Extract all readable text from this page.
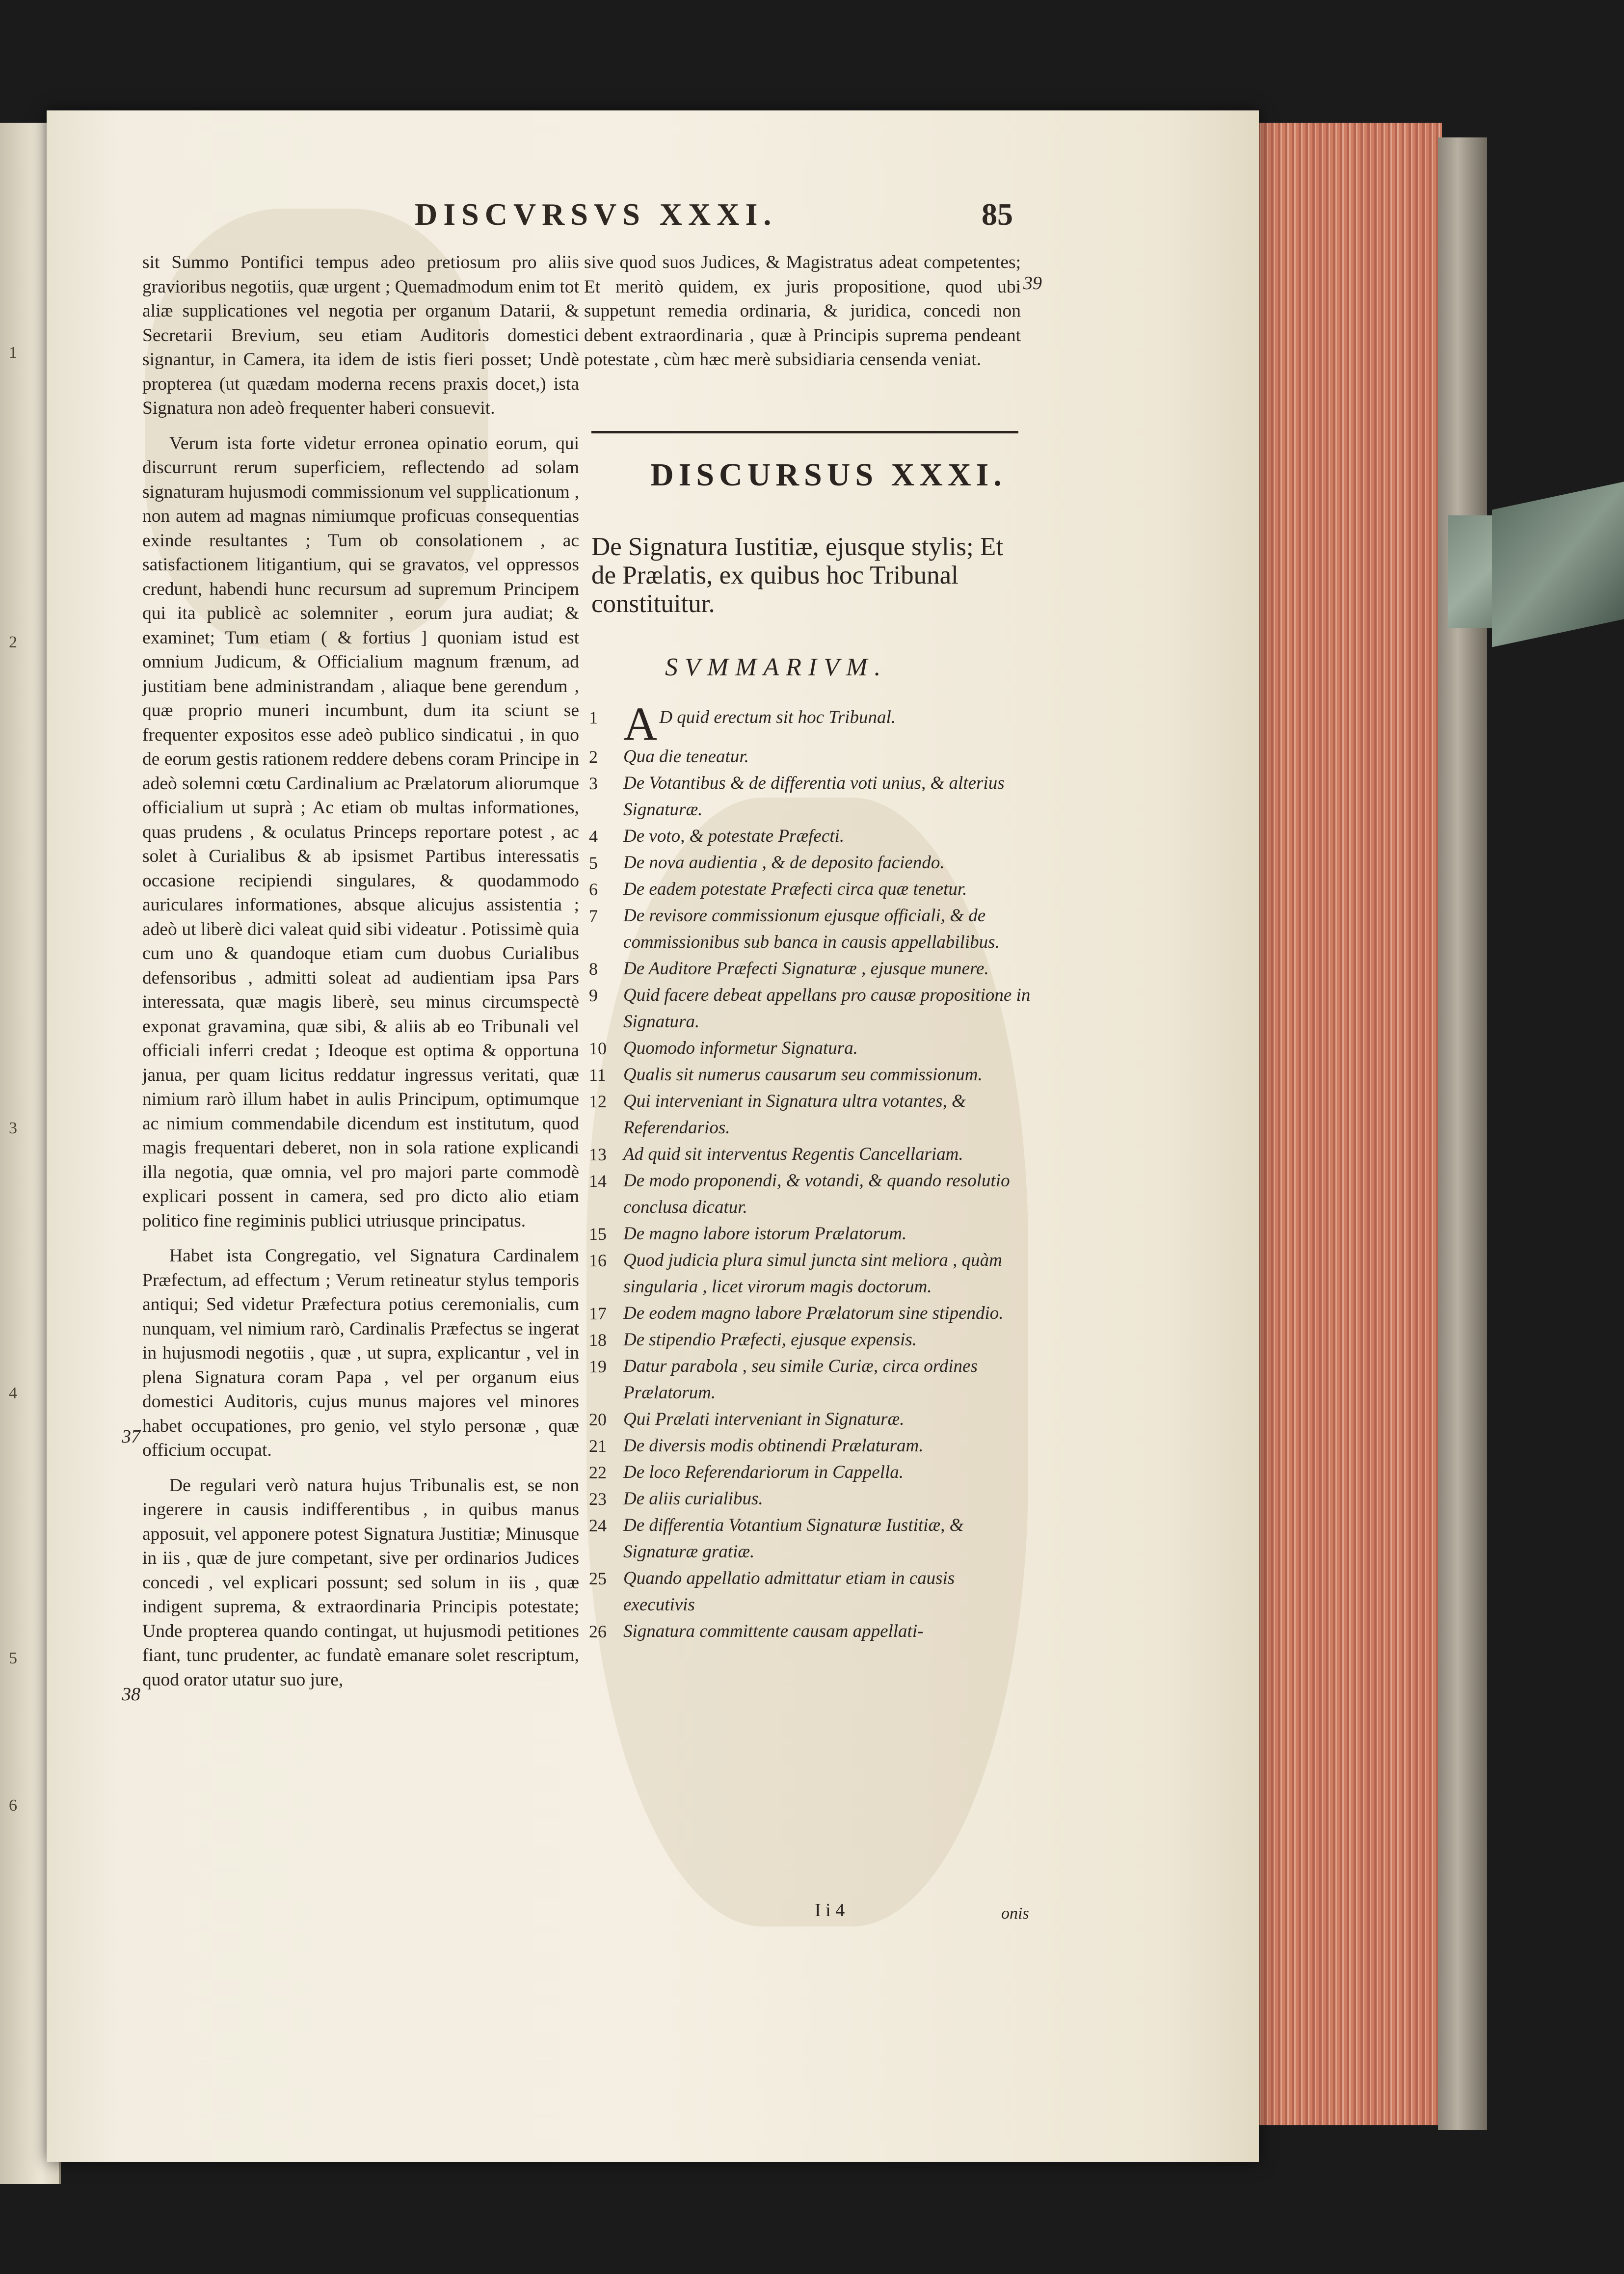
1
2
3
4
5
6
DISCVRSVS XXXI.	85

sit Summo Pontifici tempus adeo pretiosum pro aliis gravioribus negotiis, quæ urgent ; Quemadmodum enim tot aliæ supplicationes vel negotia per organum Datarii, & Secretarii Brevium, seu etiam Auditoris domestici signantur, in Camera, ita idem de istis fieri posset; Undè propterea (ut quædam moderna recens praxis docet,) ista Signatura non adeò frequenter haberi consuevit.

Verum ista forte videtur erronea opinatio eorum, qui discurrunt rerum superficiem, reflectendo ad solam signaturam hujusmodi commissionum vel supplicationum , non autem ad magnas nimiumque proficuas consequentias exinde resultantes ; Tum ob consolationem , ac satisfactionem litigantium, qui se gravatos, vel oppressos credunt, habendi hunc recursum ad supremum Principem qui ita publicè ac solemniter , eorum jura audiat; & examinet; Tum etiam ( & fortius ] quoniam istud est omnium Judicum, & Officialium magnum frænum, ad justitiam bene administrandam , aliaque bene gerendum , quæ proprio muneri incumbunt, dum ita sciunt se frequenter expositos esse adeò publico sindicatui , in quo de eorum gestis rationem reddere debens coram Principe in adeò solemni cœtu Cardinalium ac Prælatorum aliorumque officialium ut suprà ; Ac etiam ob multas informationes, quas prudens , & oculatus Princeps reportare potest , ac solet à Curialibus & ab ipsismet Partibus interessatis occasione recipiendi singulares, & quodammodo auriculares informationes, absque alicujus assistentia ; adeò ut liberè dici valeat quid sibi videatur . Potissimè quia cum uno & quandoque etiam cum duobus Curialibus defensoribus , admitti soleat ad audientiam ipsa Pars interessata, quæ magis liberè, seu minus circumspectè exponat gravamina, quæ sibi, & aliis ab eo Tribunali vel officiali inferri credat ; Ideoque est optima & opportuna janua, per quam licitus reddatur ingressus veritati, quæ nimium rarò illum habet in aulis Principum, optimumque ac nimium commendabile dicendum est institutum, quod magis frequentari deberet, non in sola ratione explicandi illa negotia, quæ omnia, vel pro majori parte commodè explicari possent in camera, sed pro dicto alio etiam politico fine regiminis publici utriusque principatus.

Habet ista Congregatio, vel Signatura Cardinalem Præfectum, ad effectum ; Verum retineatur stylus temporis antiqui; Sed videtur Præfectura potius ceremonialis, cum nunquam, vel nimium rarò, Cardinalis Præfectus se ingerat in hujusmodi negotiis , quæ , ut supra, explicantur , vel in plena Signatura coram Papa , vel per organum eius domestici Auditoris, cujus munus majores vel minores habet occupationes, pro genio, vel stylo personæ , quæ officium occupat.

De regulari verò natura hujus Tribunalis est, se non ingerere in causis indifferentibus , in quibus manus apposuit, vel apponere potest Signatura Justitiæ; Minusque in iis , quæ de jure competant, sive per ordinarios Judices concedi , vel explicari possunt; sed solum in iis , quæ indigent suprema, & extraordinaria Principis potestate; Unde propterea quando contingat, ut hujusmodi petitiones fiant, tunc prudenter, ac fundatè emanare solet rescriptum, quod orator utatur suo jure,

37
38
sive quod suos Judices, & Magistratus adeat competentes; Et meritò quidem, ex juris propositione, quod ubi suppetunt remedia ordinaria, & juridica, concedi non debent extraordinaria , quæ à Principis suprema pendeant potestate , cùm hæc merè subsidiaria censenda veniat.
39
DISCURSUS XXXI.
De Signatura Iustitiæ, ejusque stylis; Et de Prælatis, ex quibus hoc Tribunal constituitur.
SVMMARIVM.
1 A D quid erectum sit hoc Tribunal.
2	Qua die teneatur.
3	De Votantibus & de differentia voti unius, & alterius Signaturæ.
4	De voto, & potestate Præfecti.
5	De nova audientia , & de deposito faciendo.
6	De eadem potestate Præfecti circa quæ tenetur.
7	De revisore commissionum ejusque officiali, & de commissionibus sub banca in causis appellabilibus.
8	De Auditore Præfecti Signaturæ , ejusque munere.
9	Quid facere debeat appellans pro causæ propositione in Signatura.
10 Quomodo informetur Signatura.
11 Qualis sit numerus causarum seu commissionum.
12 Qui interveniant in Signatura ultra votantes, & Referendarios.
13 Ad quid sit interventus Regentis Cancellariam.
14 De modo proponendi, & votandi, & quando resolutio conclusa dicatur.
15 De magno labore istorum Prælatorum.
16 Quod judicia plura simul juncta sint meliora , quàm singularia , licet virorum magis doctorum.
17 De eodem magno labore Prælatorum sine stipendio.
18 De stipendio Præfecti, ejusque expensis.
19 Datur parabola , seu simile Curiæ, circa ordines Prælatorum.
20 Qui Prælati interveniant in Signaturæ.
21 De diversis modis obtinendi Prælaturam.
22 De loco Referendariorum in Cappella.
23 De aliis curialibus.
24 De differentia Votantium Signaturæ Iustitiæ, & Signaturæ gratiæ.
25 Quando appellatio admittatur etiam in causis executivis
26 Signatura committente causam appellati-
I i 4	onis
